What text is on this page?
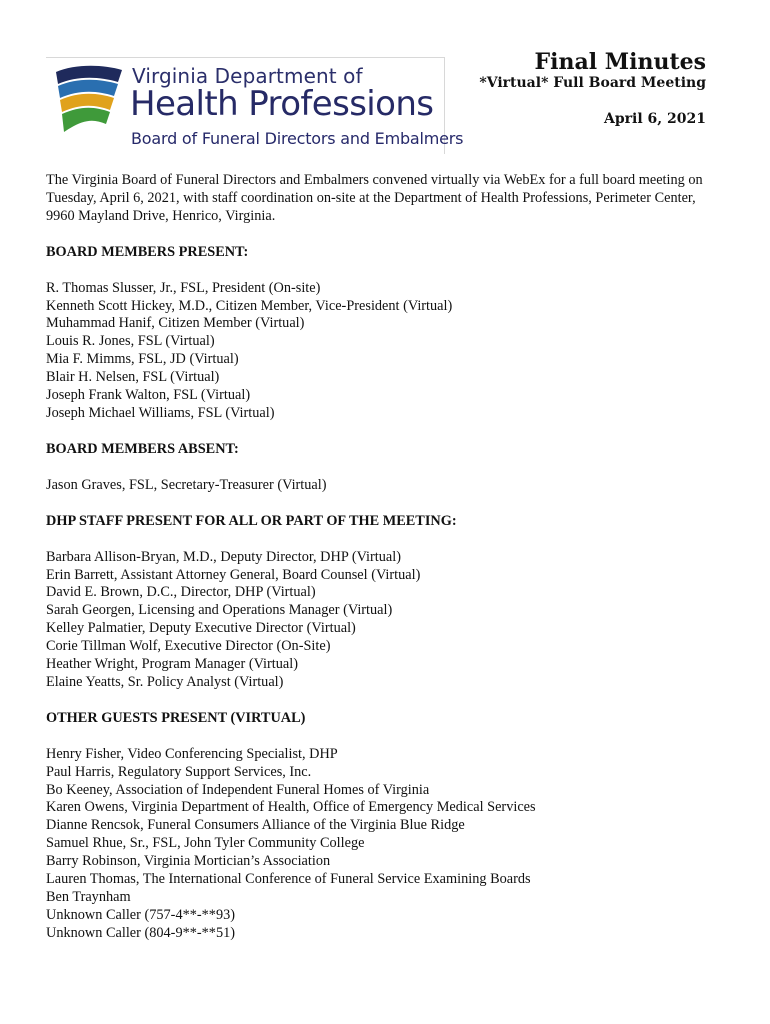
Virginia Department of
Health Professions
Board of Funeral Directors and Embalmers
Final Minutes
*Virtual* Full Board Meeting
April 6, 2021

The Virginia Board of Funeral Directors and Embalmers convened virtually via WebEx for a full board meeting on Tuesday, April 6, 2021, with staff coordination on-site at the Department of Health Professions, Perimeter Center, 9960 Mayland Drive, Henrico, Virginia.

BOARD MEMBERS PRESENT:
R. Thomas Slusser, Jr., FSL, President (On-site)
Kenneth Scott Hickey, M.D., Citizen Member, Vice-President (Virtual)
Muhammad Hanif, Citizen Member (Virtual)
Louis R. Jones, FSL (Virtual)
Mia F. Mimms, FSL, JD (Virtual)
Blair H. Nelsen, FSL (Virtual)
Joseph Frank Walton, FSL (Virtual)
Joseph Michael Williams, FSL (Virtual)
BOARD MEMBERS ABSENT:
Jason Graves, FSL, Secretary-Treasurer (Virtual)
DHP STAFF PRESENT FOR ALL OR PART OF THE MEETING:
Barbara Allison-Bryan, M.D., Deputy Director, DHP (Virtual)
Erin Barrett, Assistant Attorney General, Board Counsel (Virtual)
David E. Brown, D.C., Director, DHP (Virtual)
Sarah Georgen, Licensing and Operations Manager (Virtual)
Kelley Palmatier, Deputy Executive Director (Virtual)
Corie Tillman Wolf, Executive Director (On-Site)
Heather Wright, Program Manager (Virtual)
Elaine Yeatts, Sr. Policy Analyst (Virtual)
OTHER GUESTS PRESENT (VIRTUAL)
Henry Fisher, Video Conferencing Specialist, DHP
Paul Harris, Regulatory Support Services, Inc.
Bo Keeney, Association of Independent Funeral Homes of Virginia
Karen Owens, Virginia Department of Health, Office of Emergency Medical Services
Dianne Rencsok, Funeral Consumers Alliance of the Virginia Blue Ridge
Samuel Rhue, Sr., FSL, John Tyler Community College
Barry Robinson, Virginia Mortician’s Association
Lauren Thomas, The International Conference of Funeral Service Examining Boards
Ben Traynham
Unknown Caller (757-4**-**93)
Unknown Caller (804-9**-**51)
